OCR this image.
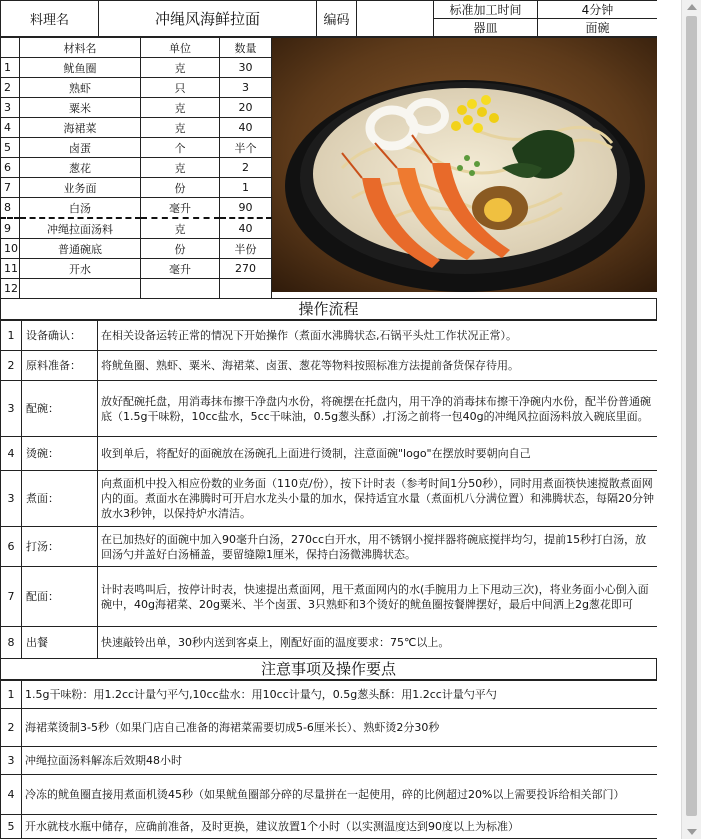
料理名	冲绳风海鲜拉面	编码		标准加工时间	4分钟
				器皿	面碗
	材料名	单位	数量	

1	鱿鱼圈	克	30	
2	熟虾	只	3	
3	粟米	克	20	
4	海裙菜	克	40	
5	卤蛋	个	半个	
6	葱花	克	2	
7	业务面	份	1	
8	白汤	毫升	90	
9	冲绳拉面汤料	克	40	
10	普通碗底	份	半份	
11	开水	毫升	270	
12				
操作流程
1	设备确认：	在相关设备运转正常的情况下开始操作（煮面水沸腾状态,石锅平头灶工作状况正常）。
2	原料准备：	将鱿鱼圈、熟虾、粟米、海裙菜、卤蛋、葱花等物料按照标准方法提前备货保存待用。
3	配碗：	放好配碗托盘，用消毒抹布擦干净盘内水份，将碗摆在托盘内，用干净的消毒抹布擦干净碗内水份，配半份普通碗底（1.5g干味粉，10cc盐水，5cc干味油，0.5g葱头酥）,打汤之前将一包40g的冲绳风拉面汤料放入碗底里面。
4	烫碗：	收到单后，将配好的面碗放在汤碗孔上面进行烫制，注意面碗"logo"在摆放时要朝向自己
3	煮面：	向煮面机中投入相应份数的业务面（110克/份），按下计时表（参考时间1分50秒），同时用煮面筷快速搅散煮面网内的面。煮面水在沸腾时可开启水龙头小量的加水，保持适宜水量（煮面机八分满位置）和沸腾状态，每隔20分钟放水3秒钟，以保持炉水清洁。
6	打汤：	在已加热好的面碗中加入90毫升白汤，270cc白开水，用不锈钢小搅拌器将碗底搅拌均匀，提前15秒打白汤，放回汤勺并盖好白汤桶盖，要留缝隙1厘米，保持白汤微沸腾状态。
7	配面：	计时表鸣叫后，按停计时表，快速提出煮面网，甩干煮面网内的水(手腕用力上下甩动三次)，将业务面小心倒入面碗中，40g海裙菜、20g粟米、半个卤蛋、3只熟虾和3个烫好的鱿鱼圈按餐牌摆好，最后中间洒上2g葱花即可
8	出餐	快速敲铃出单，30秒内送到客桌上，刚配好面的温度要求：75℃以上。
注意事项及操作要点
1	1.5g干味粉：用1.2cc计量勺平勺,10cc盐水：用10cc计量勺，0.5g葱头酥：用1.2cc计量勺平勺
2	海裙菜烫制3-5秒（如果门店自己准备的海裙菜需要切成5-6厘米长）、熟虾烫2分30秒
3	冲绳拉面汤料解冻后效期48小时
4	冷冻的鱿鱼圈直接用煮面机烫45秒（如果鱿鱼圈部分碎的尽量拼在一起使用，碎的比例超过20%以上需要投诉给相关部门）
5	开水就枝水瓶中储存，应确前准备，及时更换，建议放置1个小时（以实测温度达到90度以上为标准）
